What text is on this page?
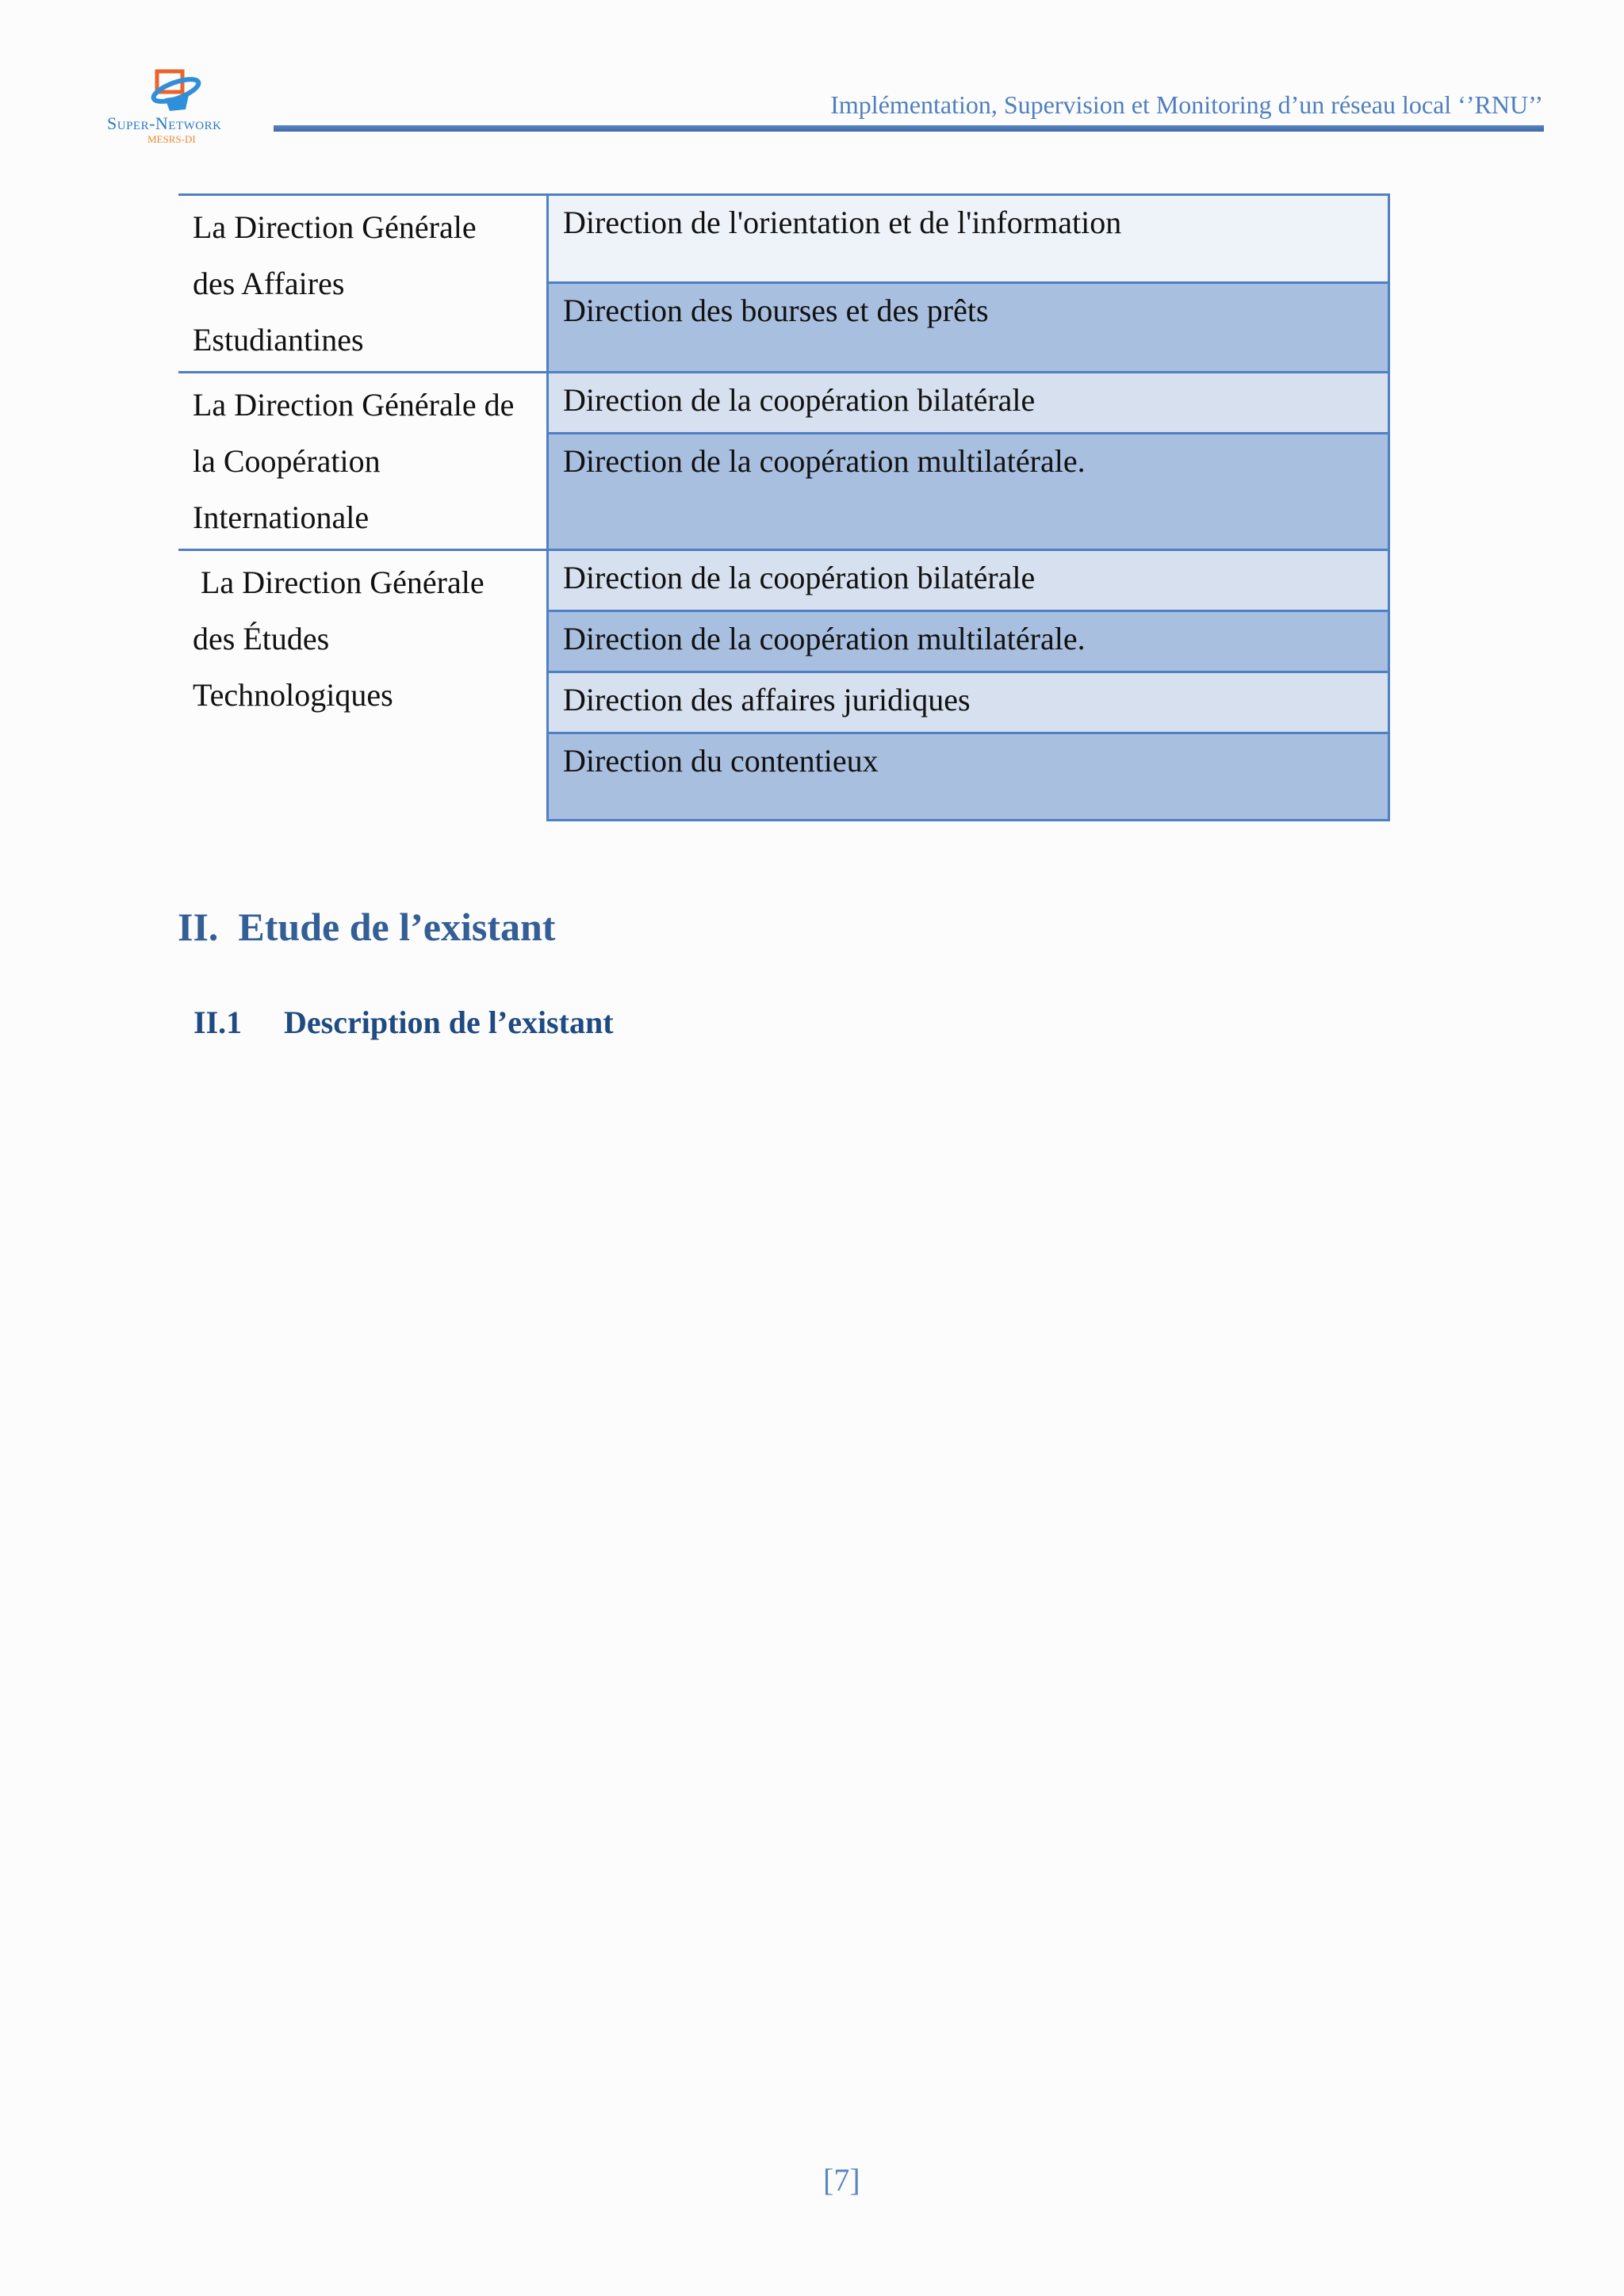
Super-Network
MESRS-DI
Implémentation, Supervision et Monitoring d’un réseau local ‘’RNU’’
La Direction Générale
des Affaires
Estudiantines	Direction de l'orientation et de l'information
	Direction des bourses et des prêts

La Direction Générale de
la Coopération
Internationale	Direction de la coopération bilatérale
	Direction de la coopération multilatérale.

La Direction Générale
des Études
Technologiques	Direction de la coopération bilatérale
	Direction de la coopération multilatérale.
	Direction des affaires juridiques
	Direction du contentieux
II.  Etude de l’existant
II.1 Description de l’existant
[7]
